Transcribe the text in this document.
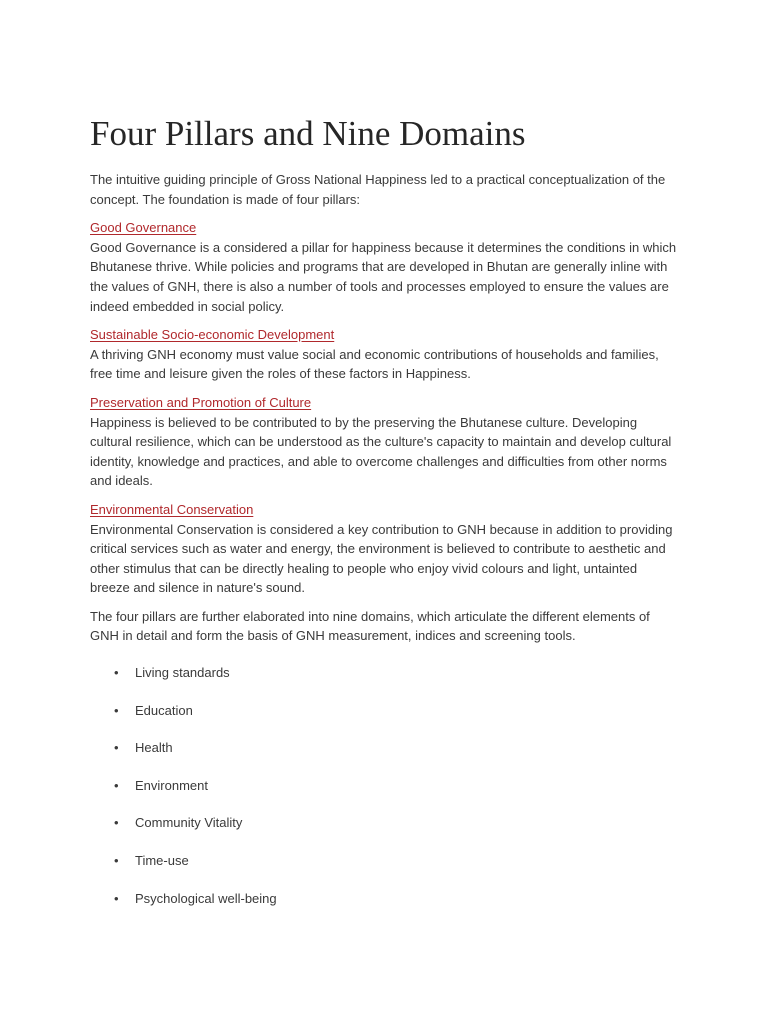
Four Pillars and Nine Domains

The intuitive guiding principle of Gross National Happiness led to a practical conceptualization of the concept. The foundation is made of four pillars:

Good Governance

Good Governance is a considered a pillar for happiness because it determines the conditions in which Bhutanese thrive. While policies and programs that are developed in Bhutan are generally inline with the values of GNH, there is also a number of tools and processes employed to ensure the values are indeed embedded in social policy.

Sustainable Socio-economic Development

A thriving GNH economy must value social and economic contributions of households and families, free time and leisure given the roles of these factors in Happiness.

Preservation and Promotion of Culture

Happiness is believed to be contributed to by the preserving the Bhutanese culture. Developing cultural resilience, which can be understood as the culture's capacity to maintain and develop cultural identity, knowledge and practices, and able to overcome challenges and difficulties from other norms and ideals.

Environmental Conservation

Environmental Conservation is considered a key contribution to GNH because in addition to providing critical services such as water and energy, the environment is believed to contribute to aesthetic and other stimulus that can be directly healing to people who enjoy vivid colours and light, untainted breeze and silence in nature's sound.

The four pillars are further elaborated into nine domains, which articulate the different elements of GNH in detail and form the basis of GNH measurement, indices and screening tools.

• Living standards
• Education
• Health
• Environment
• Community Vitality
• Time-use
• Psychological well-being
